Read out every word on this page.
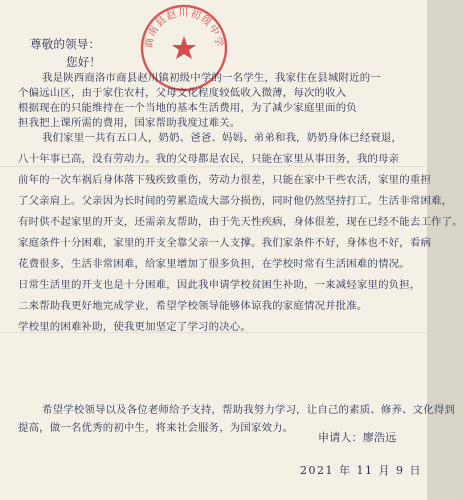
商南县赵川初级中学
尊敬的领导：
您好！
我是陕西商洛市商县赵川镇初级中学的一名学生，我家住在县城附近的一
个偏远山区，由于家住农村，父母文化程度较低收入微薄，每次的收入
根据现在的只能维持在一个当地的基本生活费用，为了减少家庭里面的负
担我把上课所需的费用，国家帮助我度过难关。
我们家里一共有五口人，奶奶、爸爸、妈妈、弟弟和我，奶奶身体已经衰退，
八十年事已高，没有劳动力。我的父母都是农民，只能在家里从事田务，我的母亲
前年的一次车祸后身体落下残疾致重伤，劳动力很差，只能在家中干些农活，家里的重担
了父亲肩上。父亲因为长时间的劳累造成大部分损伤，同时他仍然坚持打工。生活非常困难，
有时供不起家里的开支，还需亲友帮助，由于先天性疾病，身体很差，现在已经不能去工作了。
家庭条件十分困难，家里的开支全靠父亲一人支撑。我们家条件不好，身体也不好，看病
花费很多，生活非常困难，给家里增加了很多负担，在学校时常有生活困难的情况。
日常生活里的开支也是十分困难，因此我申请学校贫困生补助，一来减轻家里的负担，
二来帮助我更好地完成学业，希望学校领导能够体谅我的家庭情况并批准。
学校里的困难补助，使我更加坚定了学习的决心。
希望学校领导以及各位老师给予支持，帮助我努力学习，让自己的素质、修养、文化得到
提高，做一名优秀的初中生，将来社会服务，为国家效力。
申请人：廖浩远
2021 年 11 月 9 日
